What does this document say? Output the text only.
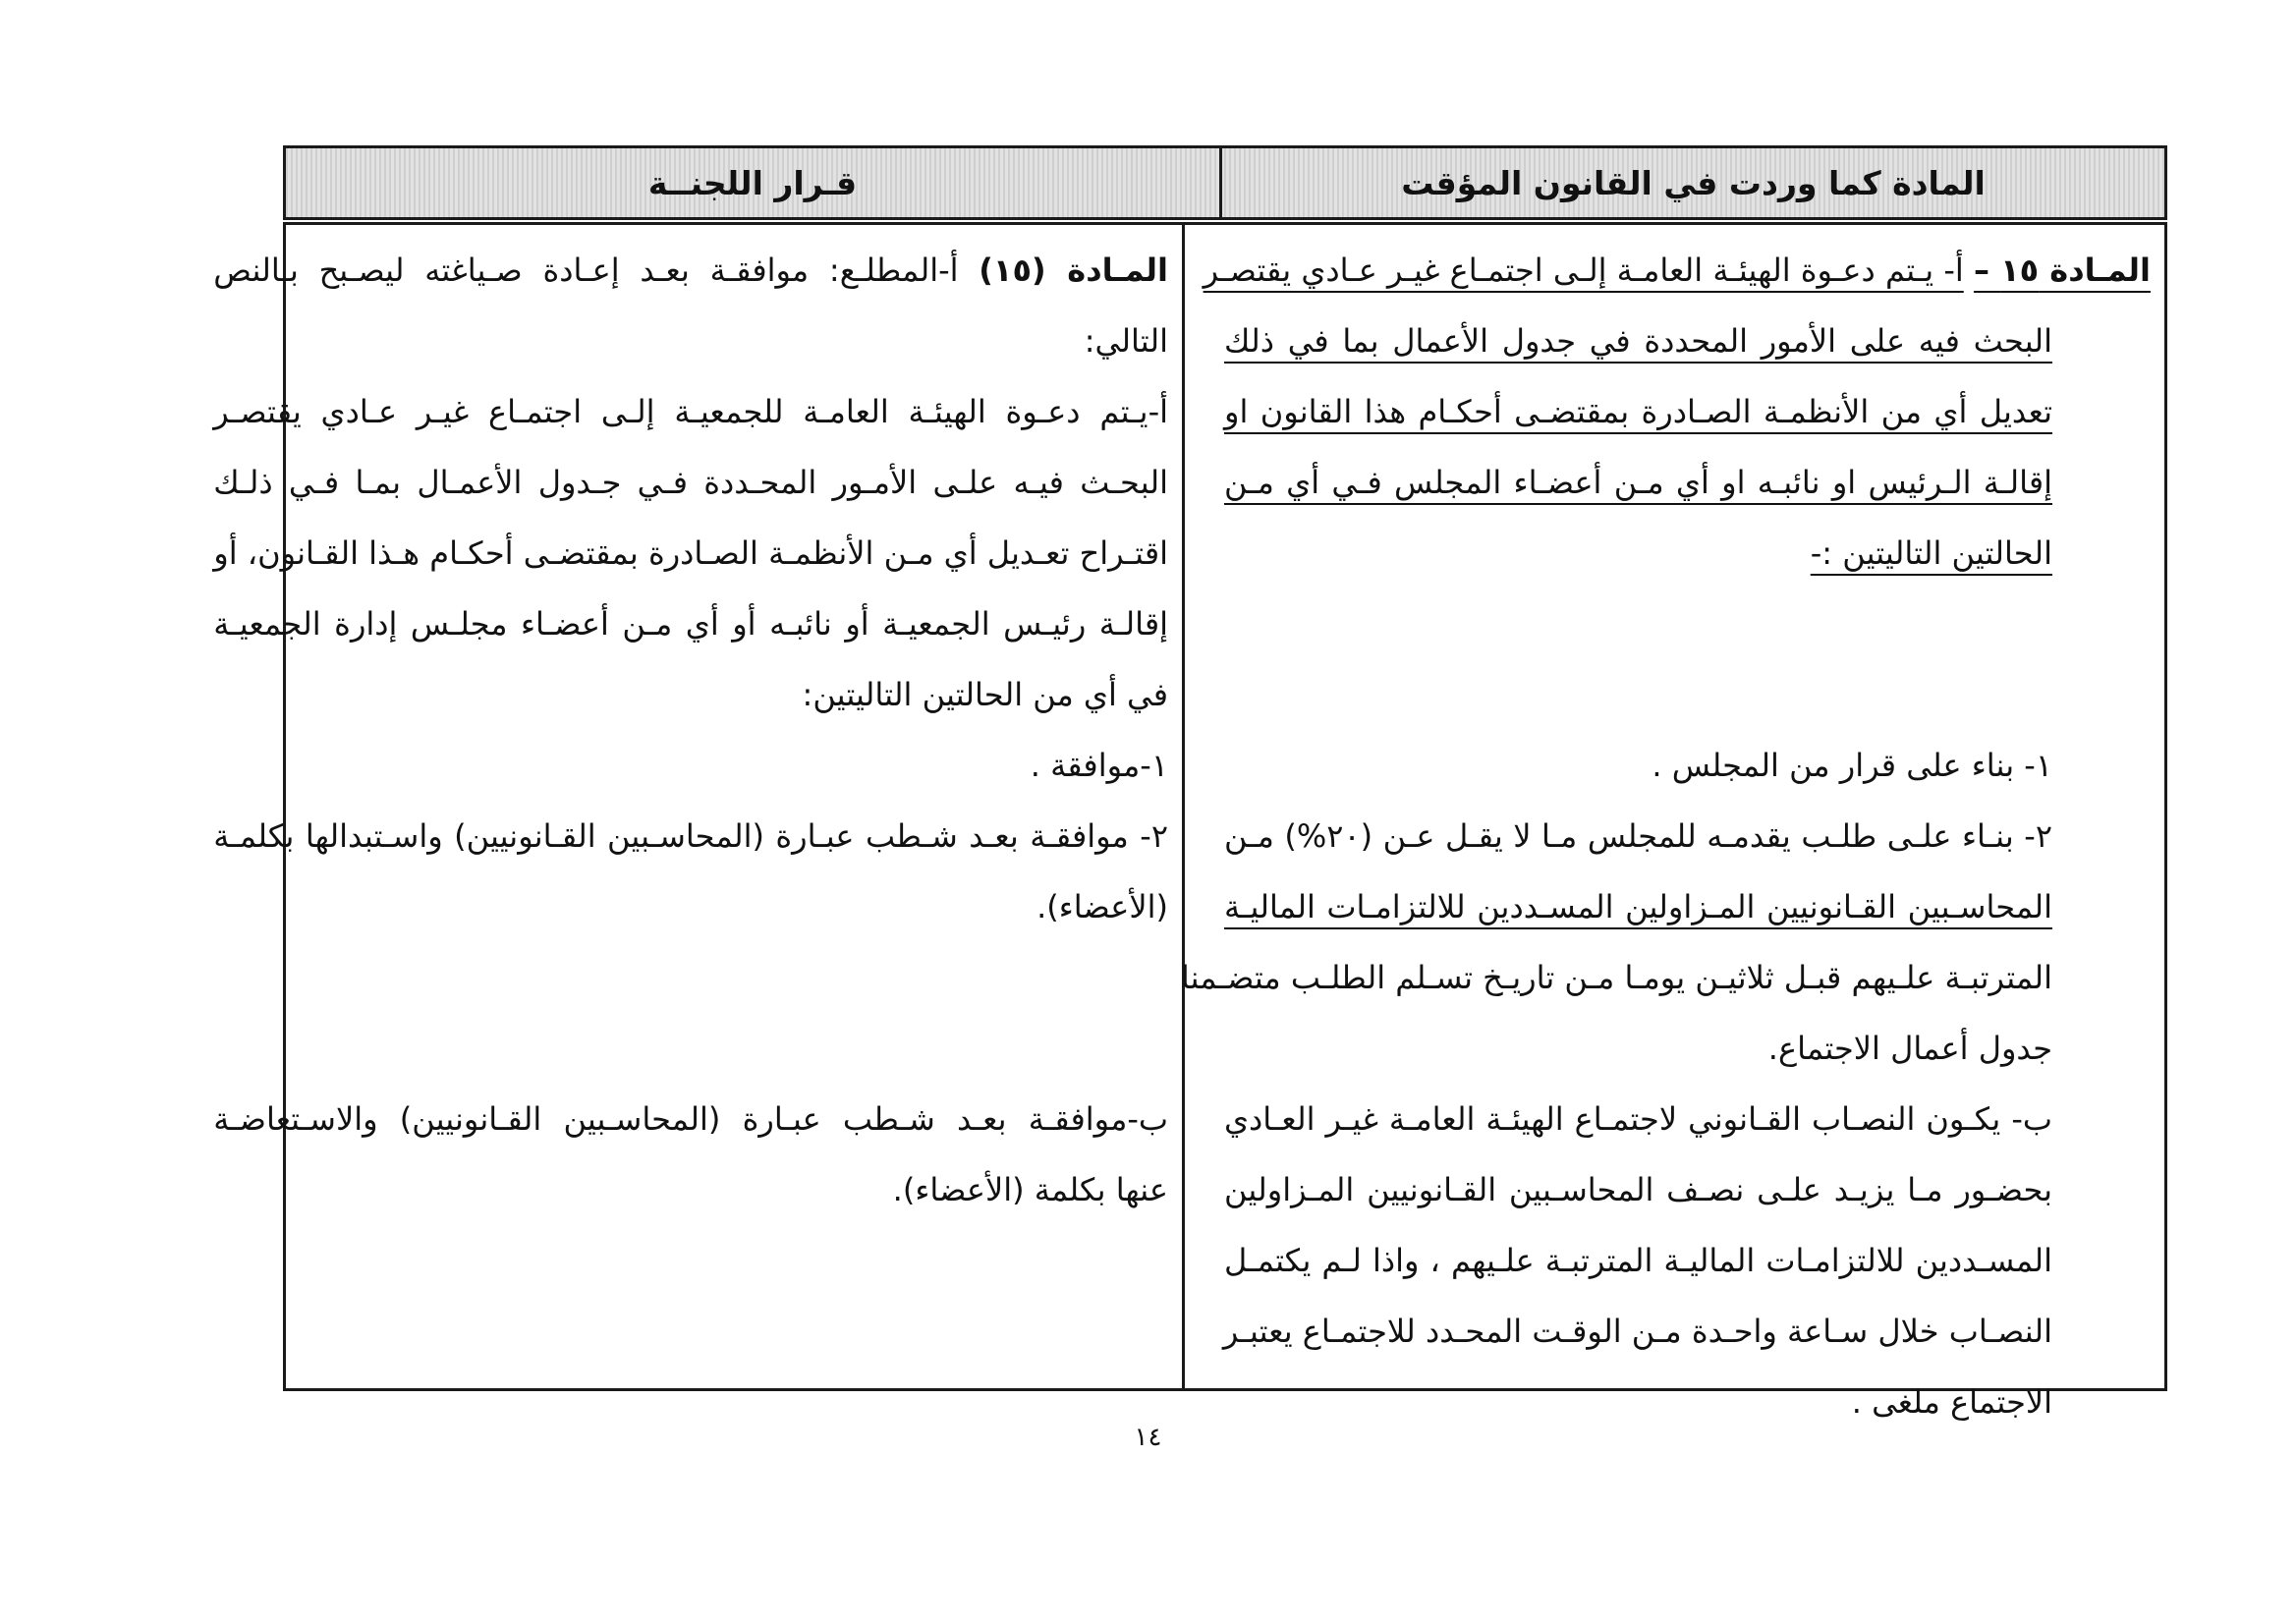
المادة كما وردت في القانون المؤقت
قـرار اللجنــة
المـادة ١٥ – أ- يـتم دعـوة الهيئـة العامـة إلـى اجتمـاع غيـر عـادي يقتصـر
البحث فيه على الأمور المحددة في جدول الأعمال بما في ذلك
تعديل أي من الأنظمـة الصـادرة بمقتضـى أحكـام هذا القانون او
إقالـة الـرئيس او نائبـه او أي مـن أعضـاء المجلس فـي أي مـن
الحالتين التاليتين :-
١- بناء على قرار من المجلس .
٢- بنـاء علـى طلـب يقدمـه للمجلس مـا لا يقـل عـن (٢٠%) مـن
المحاسـبين القـانونيين المـزاولين المسـددين للالتزامـات الماليـة
المترتبـة علـيهم قبـل ثلاثيـن يومـا مـن تاريـخ تسـلم الطلـب متضـمنا
جدول أعمال الاجتماع.
ب- يكـون النصـاب القـانوني لاجتمـاع الهيئـة العامـة غيـر العـادي
بحضـور مـا يزيـد علـى نصـف المحاسـبين القـانونيين المـزاولين
المسـددين للالتزامـات الماليـة المترتبـة علـيهم ، واذا لـم يكتمـل
النصـاب خلال سـاعة واحـدة مـن الوقـت المحـدد للاجتمـاع يعتبـر
الاجتماع ملغى .
المـادة (١٥) أ-المطلـع: موافقـة بعـد إعـادة صـياغته ليصـبح بـالنص
التالي:
أ-يـتم دعـوة الهيئـة العامـة للجمعيـة إلـى اجتمـاع غيـر عـادي يقتصـر
البحـث فيـه علـى الأمـور المحـددة فـي جـدول الأعمـال بمـا فـي ذلـك
اقتـراح تعـديل أي مـن الأنظمـة الصـادرة بمقتضـى أحكـام هـذا القـانون، أو
إقالـة رئيـس الجمعيـة أو نائبـه أو أي مـن أعضـاء مجلـس إدارة الجمعيـة
في أي من الحالتين التاليتين:
١-موافقة .
٢- موافقـة بعـد شـطب عبـارة (المحاسـبين القـانونيين) واسـتبدالها بكلمـة
(الأعضاء).
ب-موافقـة بعـد شـطب عبـارة (المحاسـبين القـانونيين) والاسـتعاضـة
عنها بكلمة (الأعضاء).
١٤
